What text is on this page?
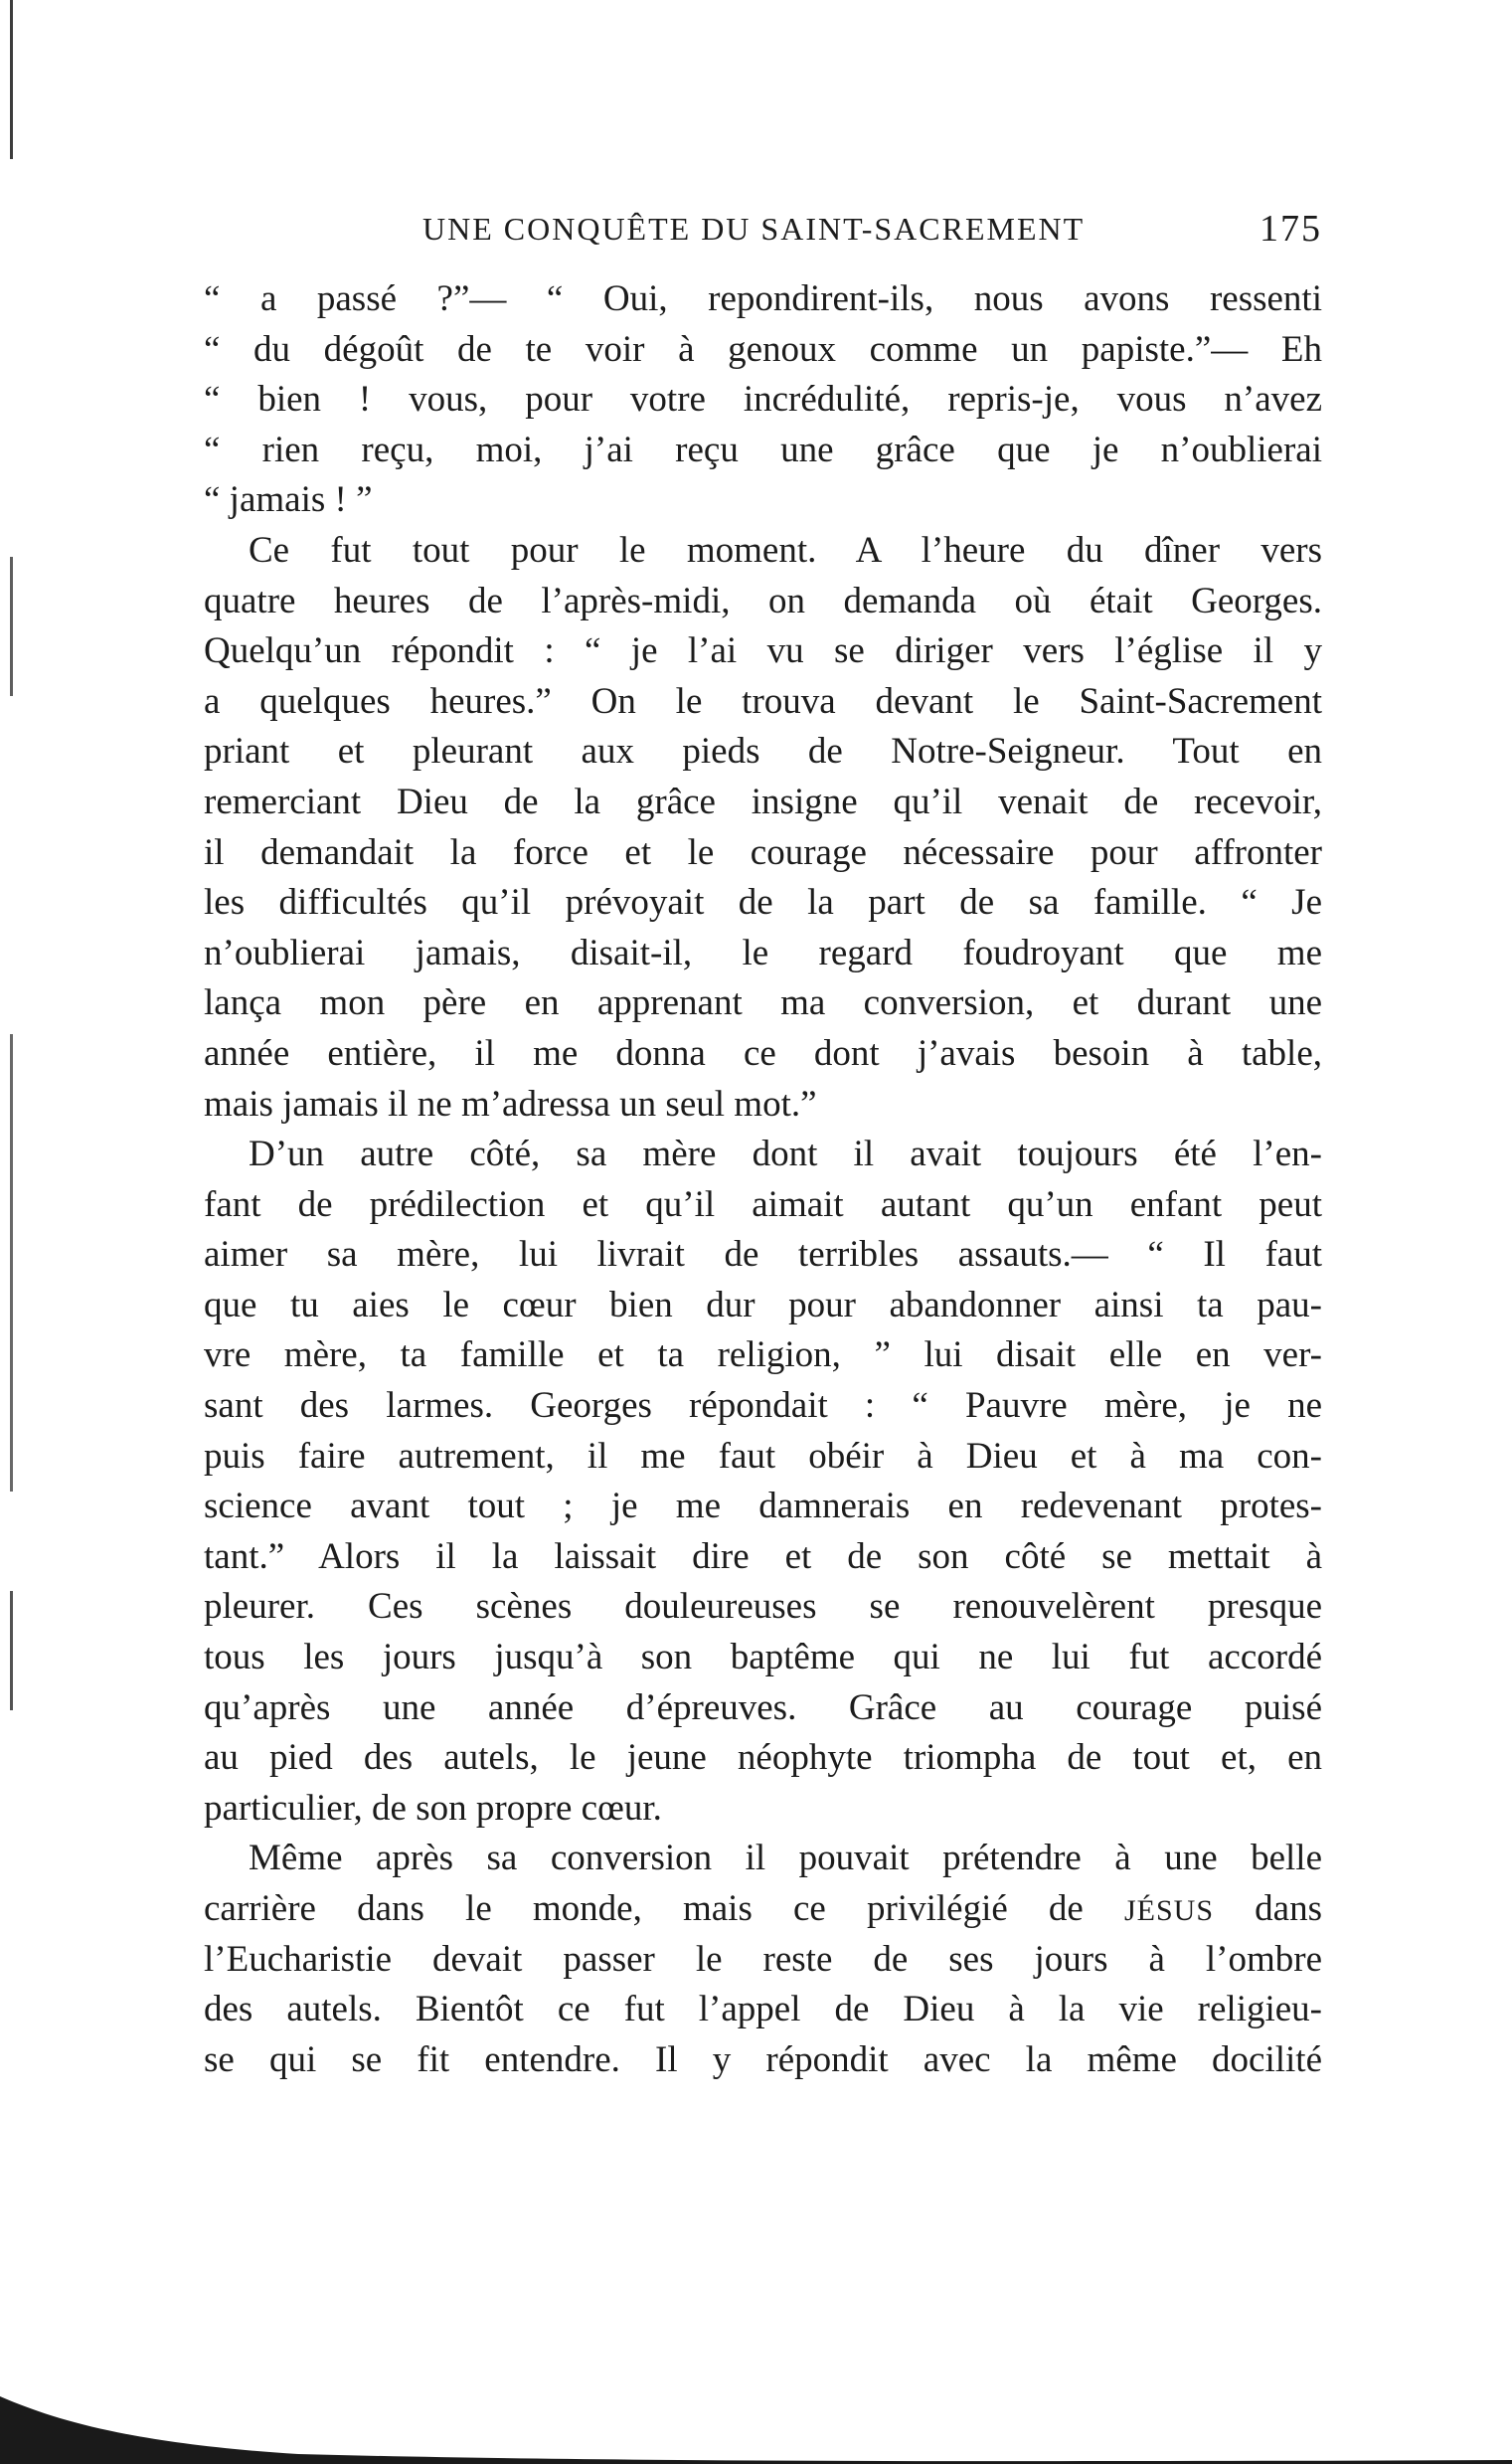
UNE CONQUÊTE DU SAINT-SACREMENT	175
“ a passé ?”— “ Oui, repondirent-ils, nous avons ressenti
“ du dégoût de te voir à genoux comme un papiste.”— Eh
“ bien ! vous, pour votre incrédulité, repris-je, vous n’avez
“ rien reçu, moi, j’ai reçu une grâce que je n’oublierai
“ jamais ! ”
Ce fut tout pour le moment. A l’heure du dîner vers
quatre heures de l’après-midi, on demanda où était Georges.
Quelqu’un répondit : “ je l’ai vu se diriger vers l’église il y
a quelques heures.” On le trouva devant le Saint-Sacrement
priant et pleurant aux pieds de Notre-Seigneur. Tout en
remerciant Dieu de la grâce insigne qu’il venait de recevoir,
il demandait la force et le courage nécessaire pour affronter
les difficultés qu’il prévoyait de la part de sa famille. “ Je
n’oublierai jamais, disait-il, le regard foudroyant que me
lança mon père en apprenant ma conversion, et durant une
année entière, il me donna ce dont j’avais besoin à table,
mais jamais il ne m’adressa un seul mot.”
D’un autre côté, sa mère dont il avait toujours été l’en-
fant de prédilection et qu’il aimait autant qu’un enfant peut
aimer sa mère, lui livrait de terribles assauts.— “ Il faut
que tu aies le cœur bien dur pour abandonner ainsi ta pau-
vre mère, ta famille et ta religion, ” lui disait elle en ver-
sant des larmes. Georges répondait : “ Pauvre mère, je ne
puis faire autrement, il me faut obéir à Dieu et à ma con-
science avant tout ; je me damnerais en redevenant protes-
tant.” Alors il la laissait dire et de son côté se mettait à
pleurer. Ces scènes douleureuses se renouvelèrent presque
tous les jours jusqu’à son baptême qui ne lui fut accordé
qu’après une année d’épreuves. Grâce au courage puisé
au pied des autels, le jeune néophyte triompha de tout et, en
particulier, de son propre cœur.
Même après sa conversion il pouvait prétendre à une belle
carrière dans le monde, mais ce privilégié de JÉSUS dans
l’Eucharistie devait passer le reste de ses jours à l’ombre
des autels. Bientôt ce fut l’appel de Dieu à la vie religieu-
se qui se fit entendre. Il y répondit avec la même docilité
